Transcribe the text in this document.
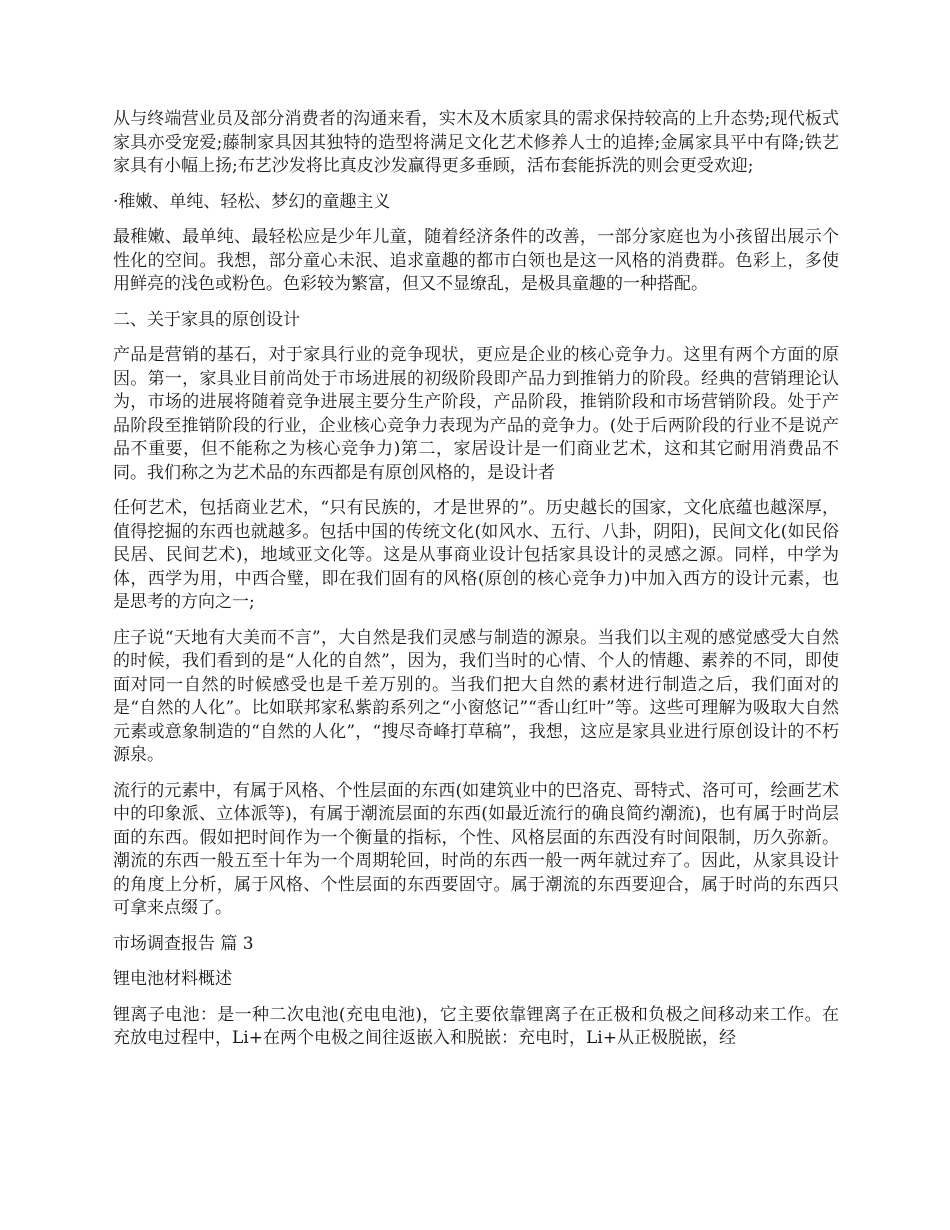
从与终端营业员及部分消费者的沟通来看，实木及木质家具的需求保持较高的上升态势;现代板式家具亦受宠爱;藤制家具因其独特的造型将满足文化艺术修养人士的追捧;金属家具平中有降;铁艺家具有小幅上扬;布艺沙发将比真皮沙发赢得更多垂顾，活布套能拆洗的则会更受欢迎;

·稚嫩、单纯、轻松、梦幻的童趣主义

最稚嫩、最单纯、最轻松应是少年儿童，随着经济条件的改善，一部分家庭也为小孩留出展示个性化的空间。我想，部分童心未泯、追求童趣的都市白领也是这一风格的消费群。色彩上，多使用鲜亮的浅色或粉色。色彩较为繁富，但又不显缭乱，是极具童趣的一种搭配。

二、关于家具的原创设计

产品是营销的基石，对于家具行业的竞争现状，更应是企业的核心竞争力。这里有两个方面的原因。第一，家具业目前尚处于市场进展的初级阶段即产品力到推销力的阶段。经典的营销理论认为，市场的进展将随着竞争进展主要分生产阶段，产品阶段，推销阶段和市场营销阶段。处于产品阶段至推销阶段的行业，企业核心竞争力表现为产品的竞争力。(处于后两阶段的行业不是说产品不重要，但不能称之为核心竞争力)第二，家居设计是一们商业艺术，这和其它耐用消费品不同。我们称之为艺术品的东西都是有原创风格的，是设计者

任何艺术，包括商业艺术，“只有民族的，才是世界的”。历史越长的国家，文化底蕴也越深厚，值得挖掘的东西也就越多。包括中国的传统文化(如风水、五行、八卦，阴阳)，民间文化(如民俗民居、民间艺术)，地域亚文化等。这是从事商业设计包括家具设计的灵感之源。同样，中学为体，西学为用，中西合璧，即在我们固有的风格(原创的核心竞争力)中加入西方的设计元素，也是思考的方向之一;

庄子说“天地有大美而不言”，大自然是我们灵感与制造的源泉。当我们以主观的感觉感受大自然的时候，我们看到的是“人化的自然”，因为，我们当时的心情、个人的情趣、素养的不同，即使面对同一自然的时候感受也是千差万别的。当我们把大自然的素材进行制造之后，我们面对的是“自然的人化”。比如联邦家私紫韵系列之“小窗悠记”“香山红叶”等。这些可理解为吸取大自然元素或意象制造的“自然的人化”，“搜尽奇峰打草稿”，我想，这应是家具业进行原创设计的不朽源泉。

流行的元素中，有属于风格、个性层面的东西(如建筑业中的巴洛克、哥特式、洛可可，绘画艺术中的印象派、立体派等)，有属于潮流层面的东西(如最近流行的确良简约潮流)，也有属于时尚层面的东西。假如把时间作为一个衡量的指标，个性、风格层面的东西没有时间限制，历久弥新。潮流的东西一般五至十年为一个周期轮回，时尚的东西一般一两年就过弃了。因此，从家具设计的角度上分析，属于风格、个性层面的东西要固守。属于潮流的东西要迎合，属于时尚的东西只可拿来点缀了。

市场调查报告 篇 3

锂电池材料概述

锂离子电池：是一种二次电池(充电电池)，它主要依靠锂离子在正极和负极之间移动来工作。在充放电过程中，Li+在两个电极之间往返嵌入和脱嵌：充电时，Li+从正极脱嵌，经
